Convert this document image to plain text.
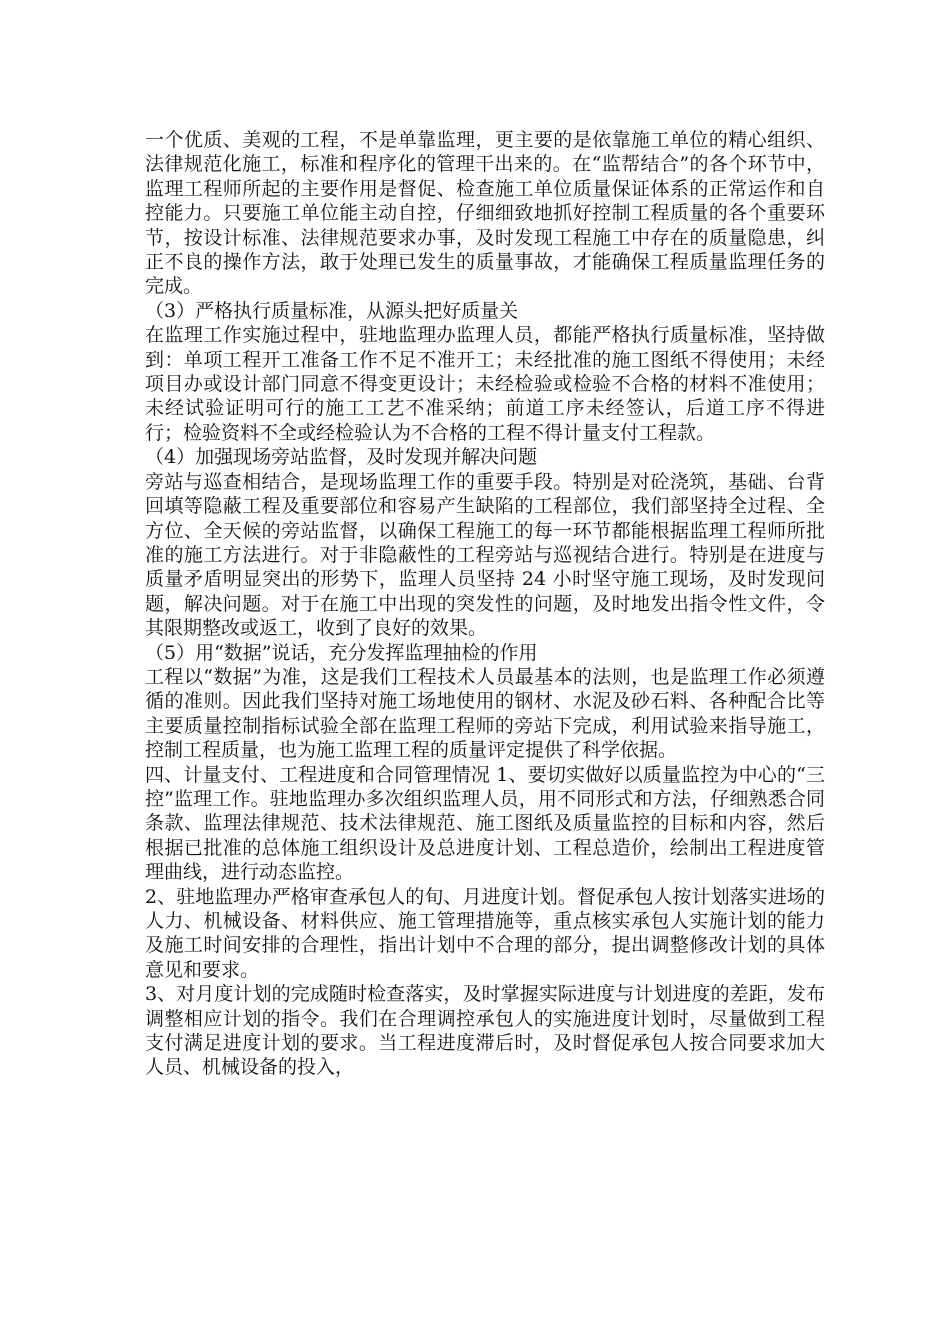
一个优质、美观的工程，不是单靠监理，更主要的是依靠施工单位的精心组织、法律规范化施工，标准和程序化的管理干出来的。在“监帮结合”的各个环节中，监理工程师所起的主要作用是督促、检查施工单位质量保证体系的正常运作和自控能力。只要施工单位能主动自控，仔细细致地抓好控制工程质量的各个重要环节，按设计标准、法律规范要求办事，及时发现工程施工中存在的质量隐患，纠正不良的操作方法，敢于处理已发生的质量事故，才能确保工程质量监理任务的完成。

（3）严格执行质量标准，从源头把好质量关

在监理工作实施过程中，驻地监理办监理人员，都能严格执行质量标准，坚持做到：单项工程开工准备工作不足不准开工；未经批准的施工图纸不得使用；未经项目办或设计部门同意不得变更设计；未经检验或检验不合格的材料不准使用；未经试验证明可行的施工工艺不准采纳；前道工序未经签认，后道工序不得进行；检验资料不全或经检验认为不合格的工程不得计量支付工程款。

（4）加强现场旁站监督，及时发现并解决问题

旁站与巡查相结合，是现场监理工作的重要手段。特别是对砼浇筑，基础、台背回填等隐蔽工程及重要部位和容易产生缺陷的工程部位，我们部坚持全过程、全方位、全天候的旁站监督，以确保工程施工的每一环节都能根据监理工程师所批准的施工方法进行。对于非隐蔽性的工程旁站与巡视结合进行。特别是在进度与质量矛盾明显突出的形势下，监理人员坚持 24 小时坚守施工现场，及时发现问题，解决问题。对于在施工中出现的突发性的问题，及时地发出指令性文件，令其限期整改或返工，收到了良好的效果。

（5）用“数据”说话，充分发挥监理抽检的作用

工程以“数据”为准，这是我们工程技术人员最基本的法则，也是监理工作必须遵循的准则。因此我们坚持对施工场地使用的钢材、水泥及砂石料、各种配合比等主要质量控制指标试验全部在监理工程师的旁站下完成，利用试验来指导施工，控制工程质量，也为施工监理工程的质量评定提供了科学依据。

四、计量支付、工程进度和合同管理情况 1、要切实做好以质量监控为中心的“三控”监理工作。驻地监理办多次组织监理人员，用不同形式和方法，仔细熟悉合同条款、监理法律规范、技术法律规范、施工图纸及质量监控的目标和内容，然后根据已批准的总体施工组织设计及总进度计划、工程总造价，绘制出工程进度管理曲线，进行动态监控。

2、驻地监理办严格审查承包人的旬、月进度计划。督促承包人按计划落实进场的人力、机械设备、材料供应、施工管理措施等，重点核实承包人实施计划的能力及施工时间安排的合理性，指出计划中不合理的部分，提出调整修改计划的具体意见和要求。

3、对月度计划的完成随时检查落实，及时掌握实际进度与计划进度的差距，发布调整相应计划的指令。我们在合理调控承包人的实施进度计划时，尽量做到工程支付满足进度计划的要求。当工程进度滞后时，及时督促承包人按合同要求加大人员、机械设备的投入，
